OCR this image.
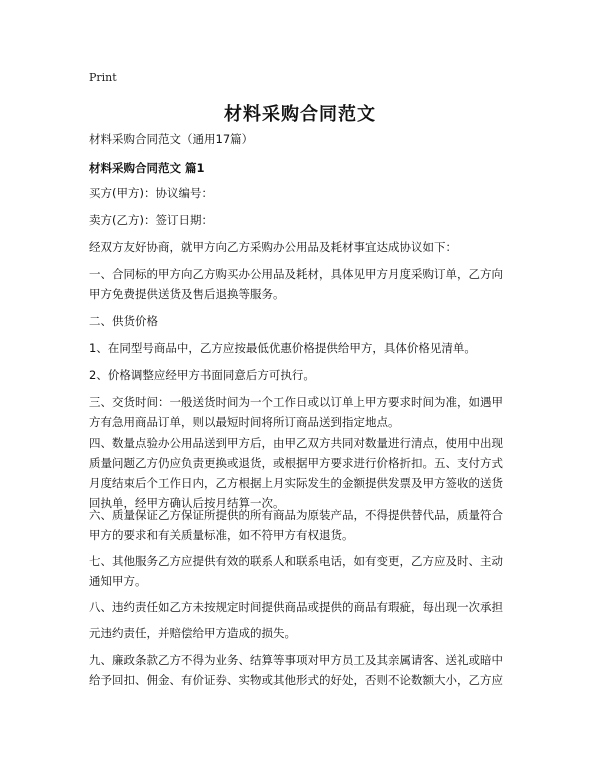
Print
材料采购合同范文
材料采购合同范文（通用17篇）
材料采购合同范文 篇1
买方(甲方)：协议编号：
卖方(乙方)：签订日期：
经双方友好协商，就甲方向乙方采购办公用品及耗材事宜达成协议如下：
一、合同标的甲方向乙方购买办公用品及耗材，具体见甲方月度采购订单，乙方向
甲方免费提供送货及售后退换等服务。
二、供货价格
1、在同型号商品中，乙方应按最低优惠价格提供给甲方，具体价格见清单。
2、价格调整应经甲方书面同意后方可执行。
三、交货时间：一般送货时间为一个工作日或以订单上甲方要求时间为准，如遇甲
方有急用商品订单，则以最短时间将所订商品送到指定地点。
四、数量点验办公用品送到甲方后，由甲乙双方共同对数量进行清点，使用中出现
质量问题乙方仍应负责更换或退货，或根据甲方要求进行价格折扣。五、支付方式
月度结束后个工作日内，乙方根据上月实际发生的金额提供发票及甲方签收的送货
回执单，经甲方确认后按月结算一次。
六、质量保证乙方保证所提供的所有商品为原装产品，不得提供替代品，质量符合
甲方的要求和有关质量标准，如不符甲方有权退货。
七、其他服务乙方应提供有效的联系人和联系电话，如有变更，乙方应及时、主动
通知甲方。
八、违约责任如乙方未按规定时间提供商品或提供的商品有瑕疵，每出现一次承担
元违约责任，并赔偿给甲方造成的损失。
九、廉政条款乙方不得为业务、结算等事项对甲方员工及其亲属请客、送礼或暗中
给予回扣、佣金、有价证券、实物或其他形式的好处，否则不论数额大小，乙方应
